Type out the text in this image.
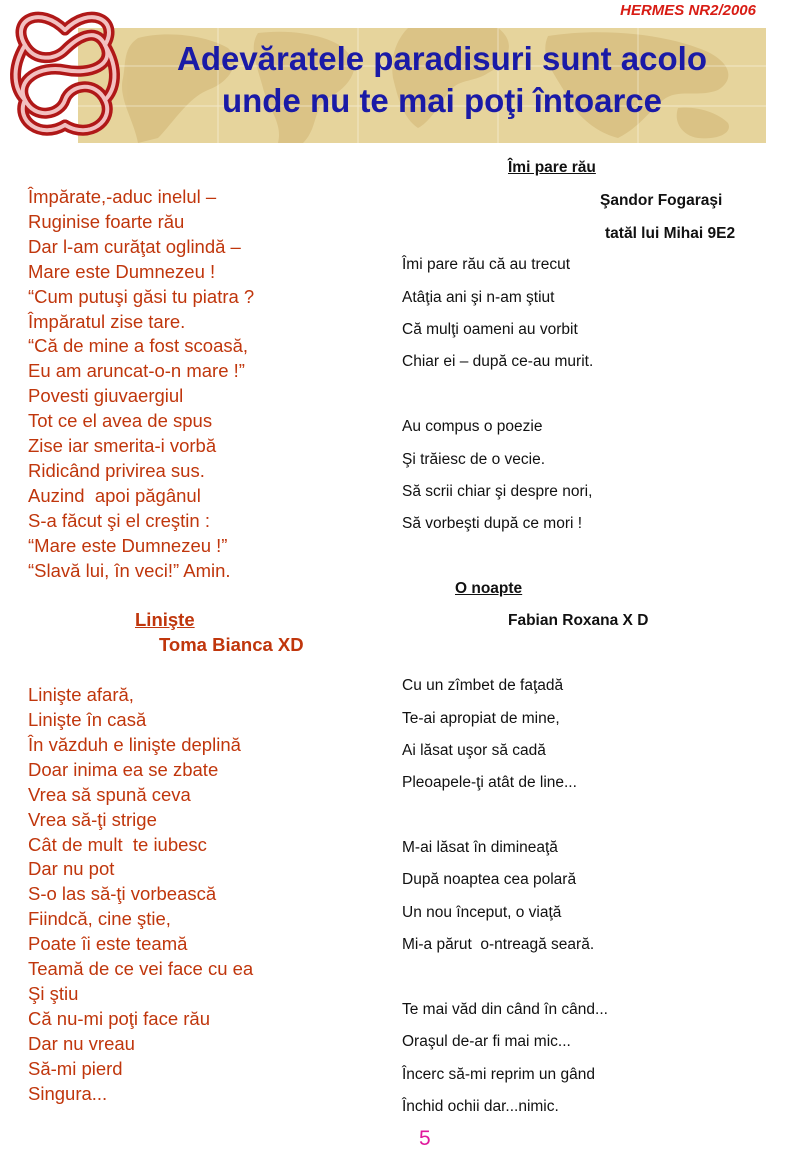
HERMES NR2/2006
Adevăratele paradisuri sunt acolo
unde nu te mai poţi întoarce
Împărate,-aduc inelul –
Ruginise foarte rău
Dar l-am curăţat oglindă –
Mare este Dumnezeu !
“Cum putuşi găsi tu piatra ?
Împăratul zise tare.
“Că de mine a fost scoasă,
Eu am aruncat-o-n mare !”
Povesti giuvaergiul
Tot ce el avea de spus
Zise iar smerita-i vorbă
Ridicând privirea sus.
Auzind  apoi păgânul
S-a făcut şi el creştin :
“Mare este Dumnezeu !”
“Slavă lui, în veci!” Amin.
Linişte
Toma Bianca XD
Linişte afară,
Linişte în casă
În văzduh e linişte deplină
Doar inima ea se zbate
Vrea să spună ceva
Vrea să-ţi strige
Cât de mult  te iubesc
Dar nu pot
S-o las să-ţi vorbească
Fiindcă, cine ştie,
Poate îi este teamă
Teamă de ce vei face cu ea
Şi ştiu
Că nu-mi poţi face rău
Dar nu vreau
Să-mi pierd
Singura...
Îmi pare rău
Şandor Fogaraşi
tatăl lui Mihai 9E2
Îmi pare rău că au trecut
Atâţia ani şi n-am ştiut
Că mulţi oameni au vorbit
Chiar ei – după ce-au murit.
Au compus o poezie
Şi trăiesc de o vecie.
Să scrii chiar şi despre nori,
Să vorbeşti după ce mori !
O noapte
Fabian Roxana X D
Cu un zîmbet de faţadă
Te-ai apropiat de mine,
Ai lăsat uşor să cadă
Pleoapele-ţi atât de line...
M-ai lăsat în dimineaţă
După noaptea cea polară
Un nou început, o viaţă
Mi-a părut  o-ntreagă seară.
Te mai văd din când în când...
Oraşul de-ar fi mai mic...
Încerc să-mi reprim un gând
Închid ochii dar...nimic.
5
